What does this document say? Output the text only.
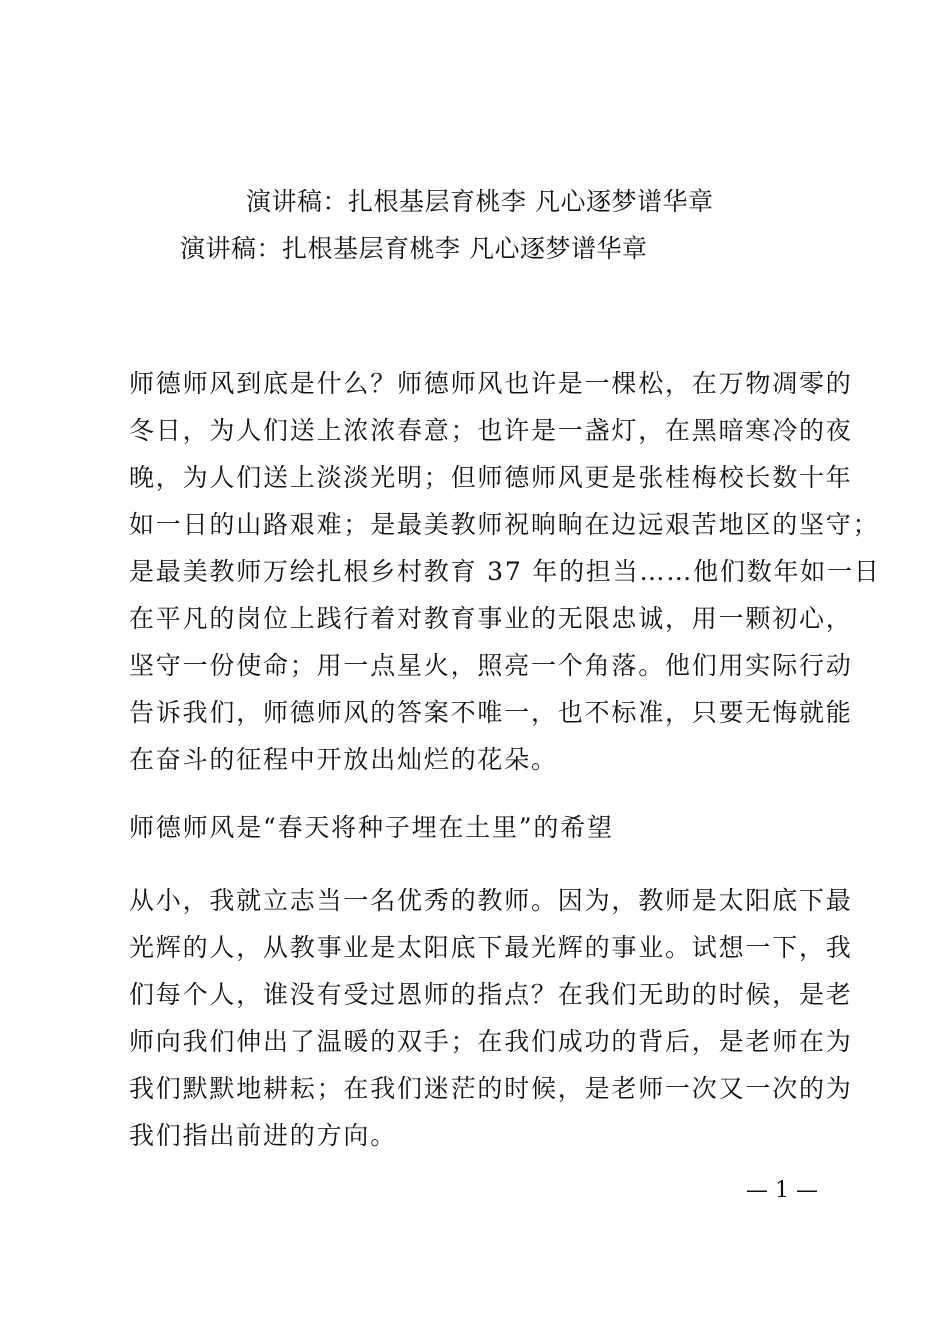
演讲稿：扎根基层育桃李 凡心逐梦谱华章
演讲稿：扎根基层育桃李 凡心逐梦谱华章
师德师风到底是什么？师德师风也许是一棵松，在万物凋零的
冬日，为人们送上浓浓春意；也许是一盏灯，在黑暗寒冷的夜
晚，为人们送上淡淡光明；但师德师风更是张桂梅校长数十年
如一日的山路艰难；是最美教师祝晌晌在边远艰苦地区的坚守；
是最美教师万绘扎根乡村教育 37 年的担当……他们数年如一日
在平凡的岗位上践行着对教育事业的无限忠诚，用一颗初心，
坚守一份使命；用一点星火，照亮一个角落。他们用实际行动
告诉我们，师德师风的答案不唯一，也不标准，只要无悔就能
在奋斗的征程中开放出灿烂的花朵。
师德师风是“春天将种子埋在土里”的希望
从小，我就立志当一名优秀的教师。因为，教师是太阳底下最
光辉的人，从教事业是太阳底下最光辉的事业。试想一下，我
们每个人，谁没有受过恩师的指点？在我们无助的时候，是老
师向我们伸出了温暖的双手；在我们成功的背后，是老师在为
我们默默地耕耘；在我们迷茫的时候，是老师一次又一次的为
我们指出前进的方向。
— 1 —
